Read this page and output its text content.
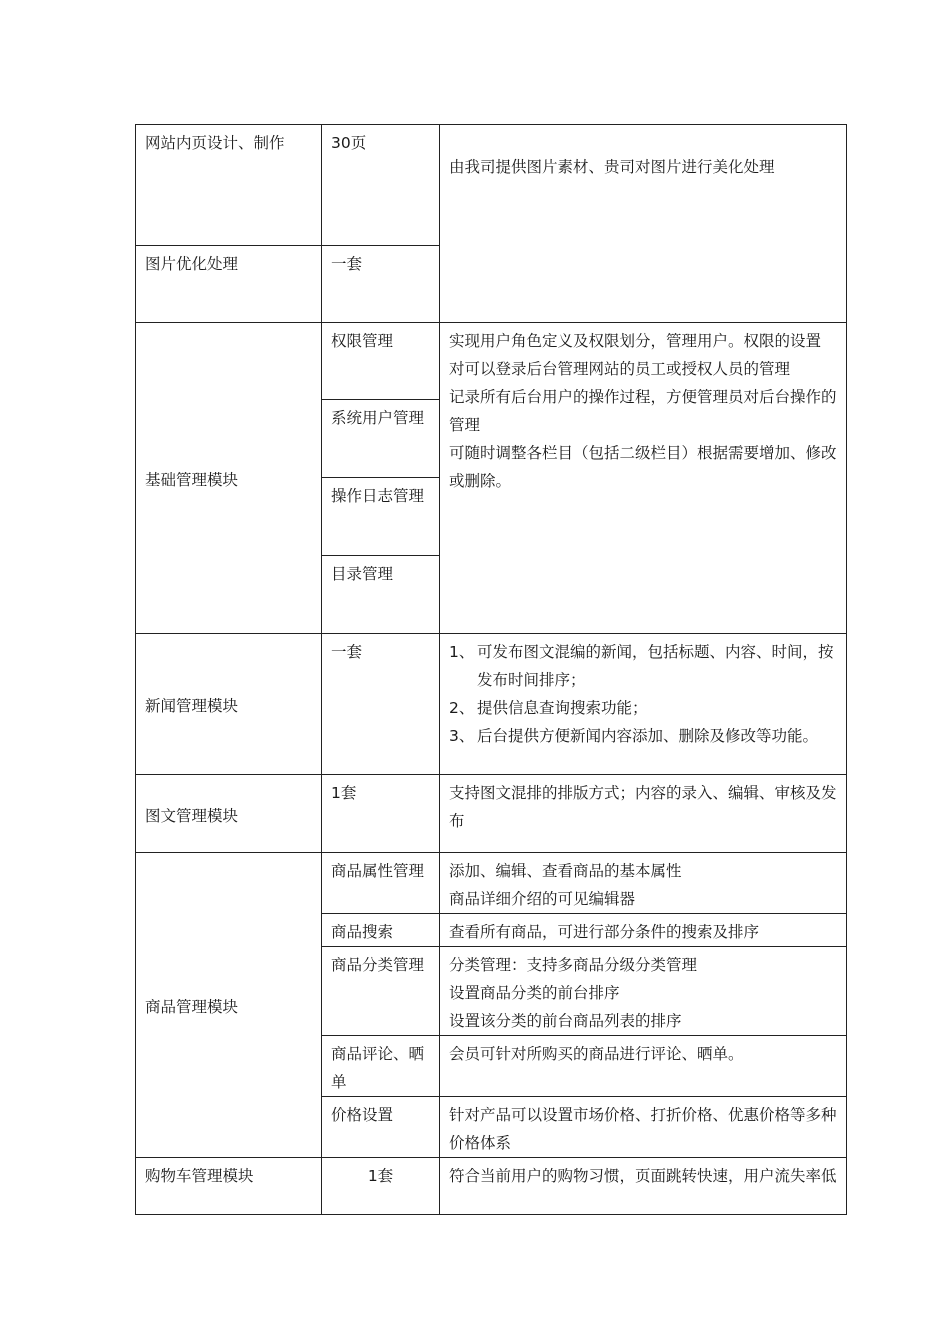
网站内页设计、制作	30页	由我司提供图片素材、贵司对图片进行美化处理
图片优化处理	一套	
基础管理模块	权限管理	实现用户角色定义及权限划分，管理用户。权限的设置
对可以登录后台管理网站的员工或授权人员的管理
记录所有后台用户的操作过程，方便管理员对后台操作的管理
可随时调整各栏目（包括二级栏目）根据需要增加、修改或删除。

	系统用户管理	
	操作日志管理	
	目录管理	
新闻管理模块	一套	1、 可发布图文混编的新闻，包括标题、内容、时间，按发布时间排序；
2、 提供信息查询搜索功能；
3、 后台提供方便新闻内容添加、删除及修改等功能。

图文管理模块	1套	支持图文混排的排版方式；内容的录入、编辑、审核及发布
商品管理模块	商品属性管理	添加、编辑、查看商品的基本属性
商品详细介绍的可见编辑器

	商品搜索	查看所有商品，可进行部分条件的搜索及排序
	商品分类管理	分类管理：支持多商品分级分类管理
设置商品分类的前台排序
设置该分类的前台商品列表的排序

	商品评论、晒单	会员可针对所购买的商品进行评论、晒单。
	价格设置	针对产品可以设置市场价格、打折价格、优惠价格等多种价格体系
购物车管理模块	1套	符合当前用户的购物习惯，页面跳转快速，用户流失率低
